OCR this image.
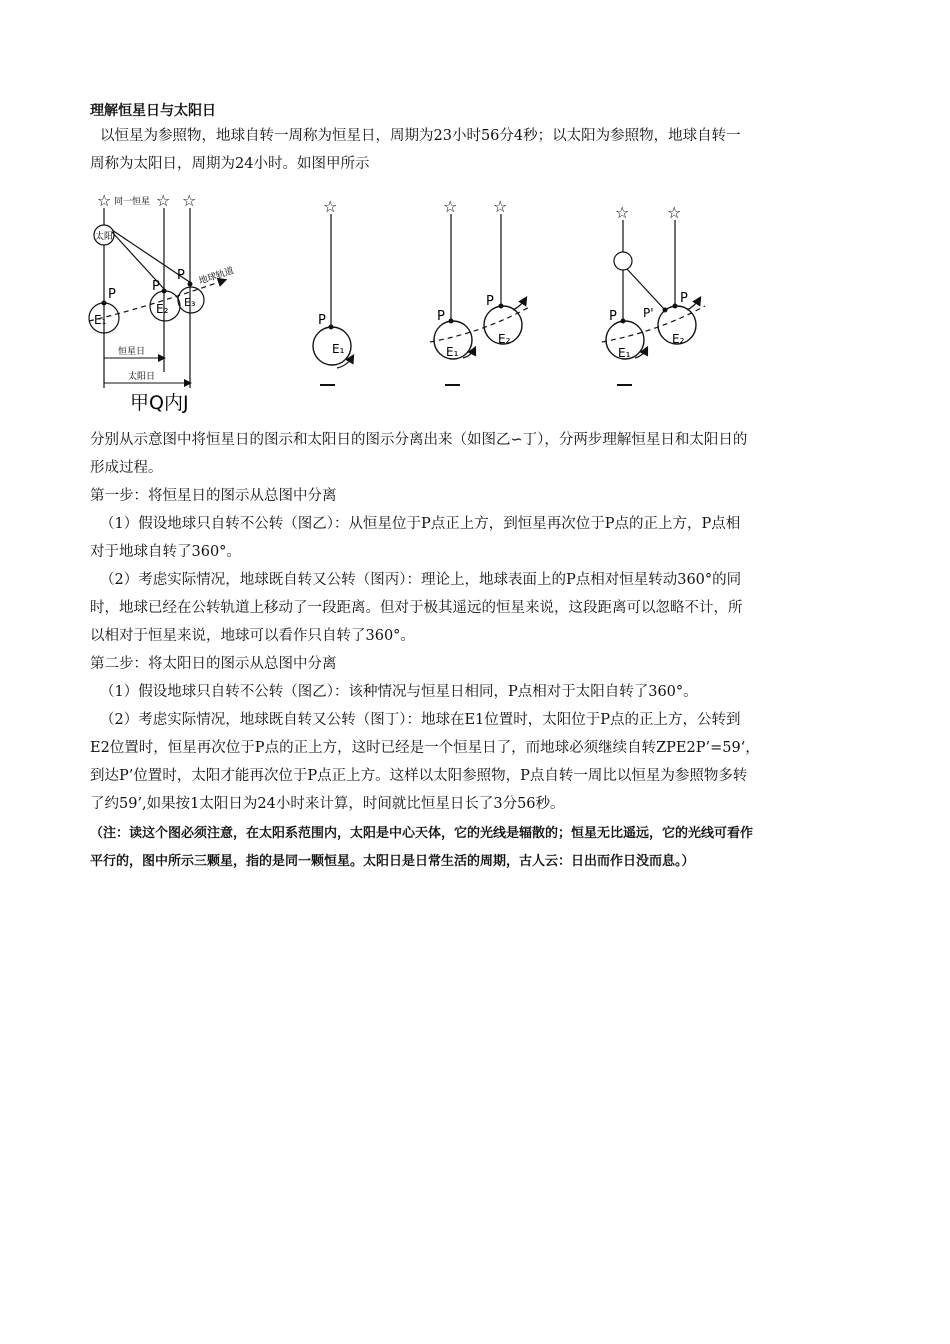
理解恒星日与太阳日
以恒星为参照物，地球自转一周称为恒星日，周期为23小时56分4秒；以太阳为参照物，地球自转一
周称为太阳日，周期为24小时。如图甲所示
☆	☆ ☆
同一恒星
太阳
P
E₁
P
E₂
P
E₃
地球轨道
恒星日
太阳日
甲Q内J
☆
P
E₁
☆ ☆
P
E₁
P
E₂
☆ ☆
P
E₁
P
P'
E₂
分别从示意图中将恒星日的图示和太阳日的图示分离出来（如图乙∽丁），分两步理解恒星日和太阳日的
形成过程。
第一步：将恒星日的图示从总图中分离
（1）假设地球只自转不公转（图乙）：从恒星位于P点正上方，到恒星再次位于P点的正上方，P点相
对于地球自转了360°。
（2）考虑实际情况，地球既自转又公转（图丙）：理论上，地球表面上的P点相对恒星转动360°的同
时，地球已经在公转轨道上移动了一段距离。但对于极其遥远的恒星来说，这段距离可以忽略不计，所
以相对于恒星来说，地球可以看作只自转了360°。
第二步：将太阳日的图示从总图中分离
（1）假设地球只自转不公转（图乙）：该种情况与恒星日相同，P点相对于太阳自转了360°。
（2）考虑实际情况，地球既自转又公转（图丁）：地球在E1位置时，太阳位于P点的正上方，公转到
E2位置时，恒星再次位于P点的正上方，这时已经是一个恒星日了，而地球必须继续自转ZPE2P’=59‘，
到达P’位置时，太阳才能再次位于P点正上方。这样以太阳参照物，P点自转一周比以恒星为参照物多转
了约59’,如果按1太阳日为24小时来计算，时间就比恒星日长了3分56秒。
（注：读这个图必须注意，在太阳系范围内，太阳是中心天体，它的光线是辐散的；恒星无比遥远，它的光线可看作
平行的，图中所示三颗星，指的是同一颗恒星。太阳日是日常生活的周期，古人云：日出而作日没而息。）
